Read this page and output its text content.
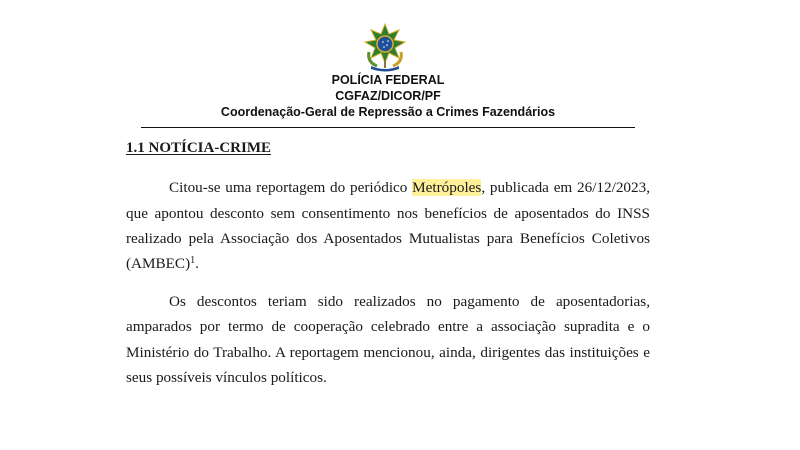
POLÍCIA FEDERAL
CGFAZ/DICOR/PF
Coordenação-Geral de Repressão a Crimes Fazendários
1.1 NOTÍCIA-CRIME
Citou-se uma reportagem do periódico Metrópoles, publicada em 26/12/2023,
que apontou desconto sem consentimento nos benefícios de aposentados do INSS
realizado pela Associação dos Aposentados Mutualistas para Benefícios Coletivos
(AMBEC)$^1$.
Os descontos teriam sido realizados no pagamento de aposentadorias,
amparados por termo de cooperação celebrado entre a associação supradita e o
Ministério do Trabalho. A reportagem mencionou, ainda, dirigentes das instituições e
seus possíveis vínculos políticos.
